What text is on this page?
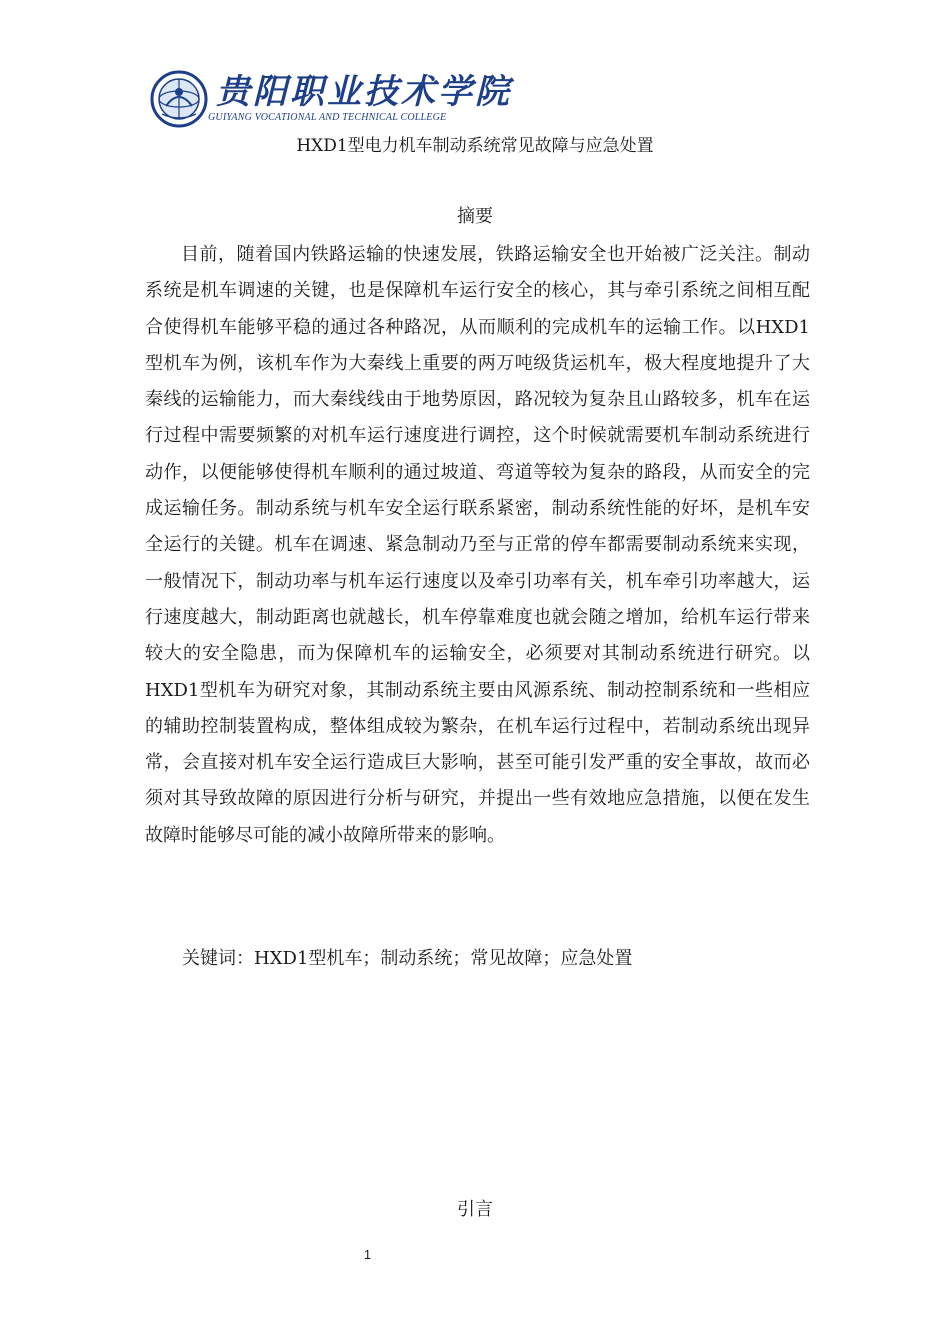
贵阳职业技术学院
GUIYANG VOCATIONAL AND TECHNICAL COLLEGE
HXD1型电力机车制动系统常见故障与应急处置
摘要

目前，随着国内铁路运输的快速发展，铁路运输安全也开始被广泛关注。制动系统是机车调速的关键，也是保障机车运行安全的核心，其与牵引系统之间相互配合使得机车能够平稳的通过各种路况，从而顺利的完成机车的运输工作。以HXD1型机车为例，该机车作为大秦线上重要的两万吨级货运机车，极大程度地提升了大秦线的运输能力，而大秦线线由于地势原因，路况较为复杂且山路较多，机车在运行过程中需要频繁的对机车运行速度进行调控，这个时候就需要机车制动系统进行动作，以便能够使得机车顺利的通过坡道、弯道等较为复杂的路段，从而安全的完成运输任务。制动系统与机车安全运行联系紧密，制动系统性能的好坏，是机车安全运行的关键。机车在调速、紧急制动乃至与正常的停车都需要制动系统来实现，一般情况下，制动功率与机车运行速度以及牵引功率有关，机车牵引功率越大，运行速度越大，制动距离也就越长，机车停靠难度也就会随之增加，给机车运行带来较大的安全隐患，而为保障机车的运输安全，必须要对其制动系统进行研究。以HXD1型机车为研究对象，其制动系统主要由风源系统、制动控制系统和一些相应的辅助控制装置构成，整体组成较为繁杂，在机车运行过程中，若制动系统出现异常，会直接对机车安全运行造成巨大影响，甚至可能引发严重的安全事故，故而必须对其导致故障的原因进行分析与研究，并提出一些有效地应急措施，以便在发生故障时能够尽可能的减小故障所带来的影响。

关键词：HXD1型机车；制动系统；常见故障；应急处置
引言
1
